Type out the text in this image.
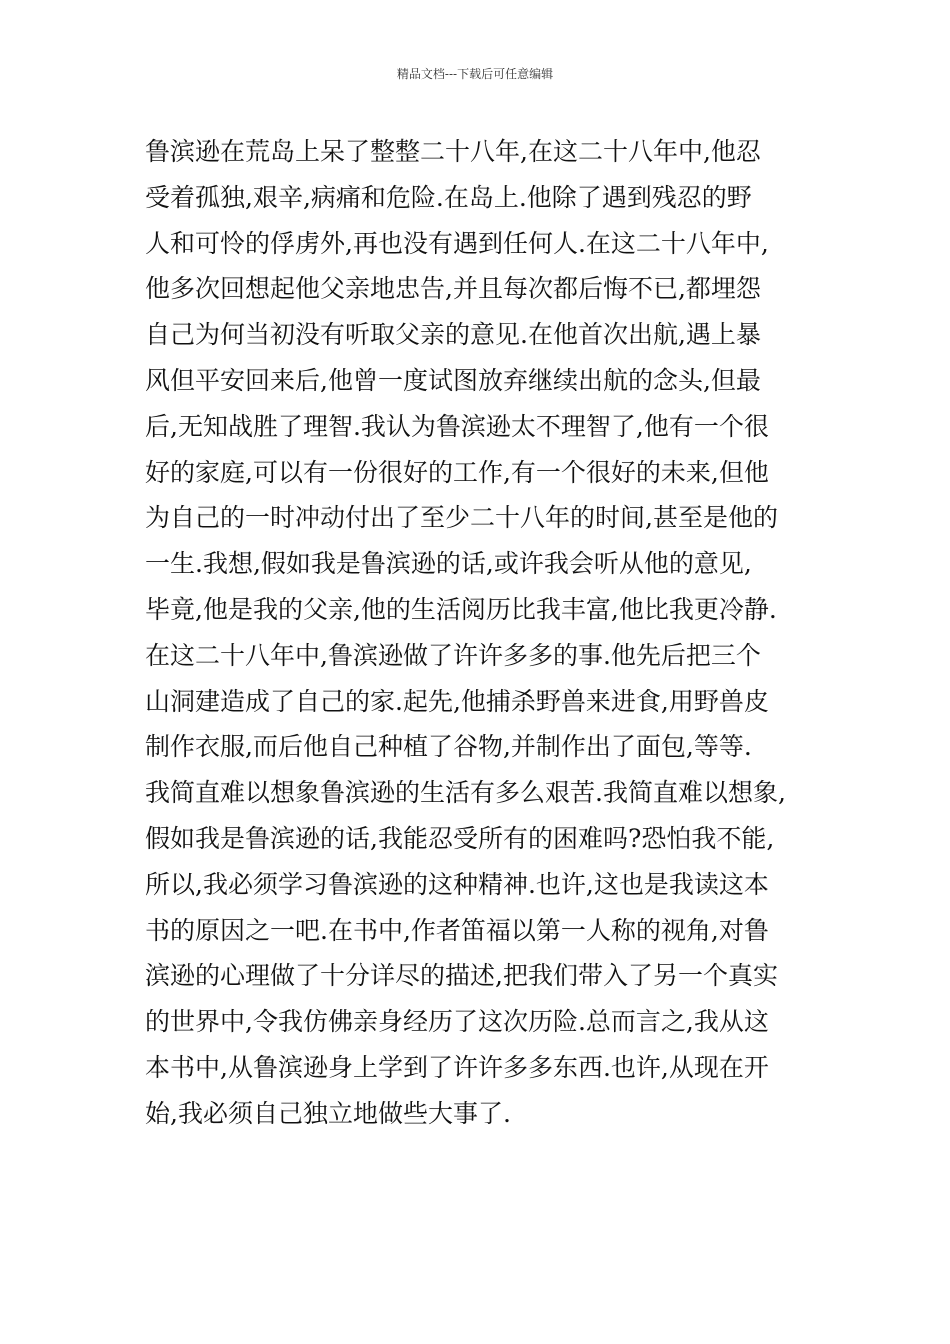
精品文档---下载后可任意编辑
鲁滨逊在荒岛上呆了整整二十八年,在这二十八年中,他忍
受着孤独,艰辛,病痛和危险.在岛上.他除了遇到残忍的野
人和可怜的俘虏外,再也没有遇到任何人.在这二十八年中,
他多次回想起他父亲地忠告,并且每次都后悔不已,都埋怨
自己为何当初没有听取父亲的意见.在他首次出航,遇上暴
风但平安回来后,他曾一度试图放弃继续出航的念头,但最
后,无知战胜了理智.我认为鲁滨逊太不理智了,他有一个很
好的家庭,可以有一份很好的工作,有一个很好的未来,但他
为自己的一时冲动付出了至少二十八年的时间,甚至是他的
一生.我想,假如我是鲁滨逊的话,或许我会听从他的意见,
毕竟,他是我的父亲,他的生活阅历比我丰富,他比我更冷静.
在这二十八年中,鲁滨逊做了许许多多的事.他先后把三个
山洞建造成了自己的家.起先,他捕杀野兽来进食,用野兽皮
制作衣服,而后他自己种植了谷物,并制作出了面包,等等.
我简直难以想象鲁滨逊的生活有多么艰苦.我简直难以想象,
假如我是鲁滨逊的话,我能忍受所有的困难吗?恐怕我不能,
所以,我必须学习鲁滨逊的这种精神.也许,这也是我读这本
书的原因之一吧.在书中,作者笛福以第一人称的视角,对鲁
滨逊的心理做了十分详尽的描述,把我们带入了另一个真实
的世界中,令我仿佛亲身经历了这次历险.总而言之,我从这
本书中,从鲁滨逊身上学到了许许多多东西.也许,从现在开
始,我必须自己独立地做些大事了.
